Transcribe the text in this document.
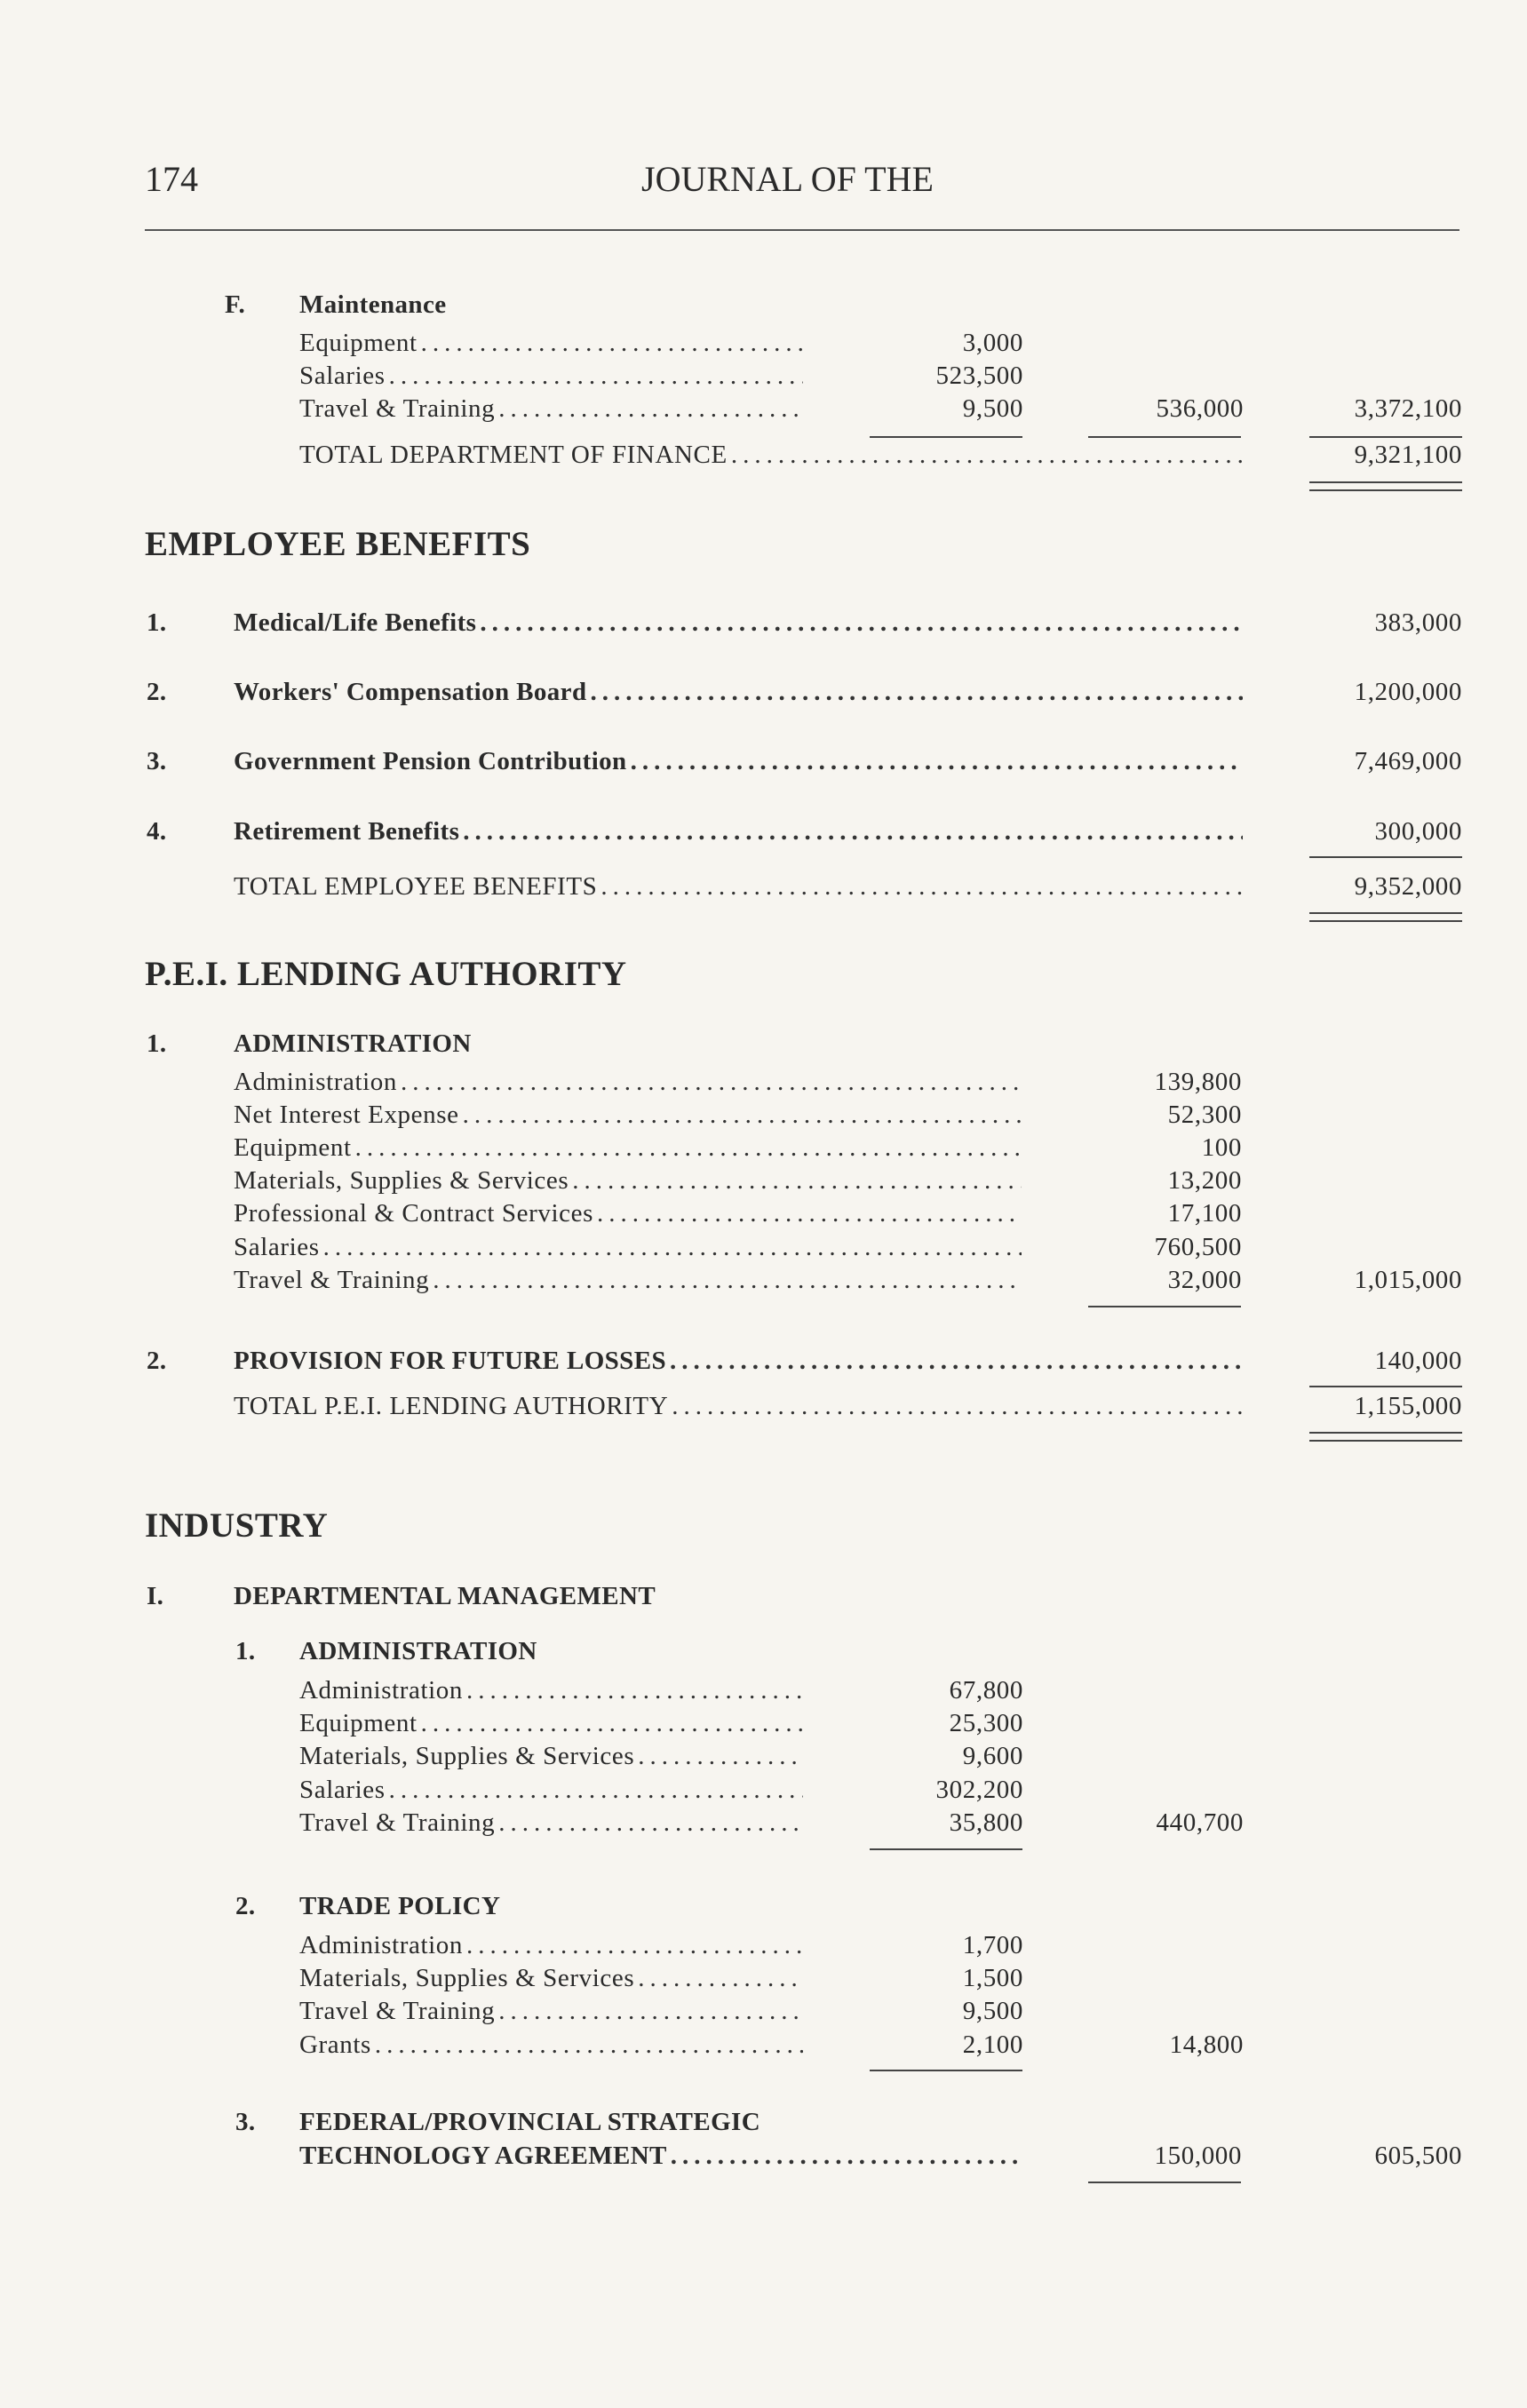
174	JOURNAL OF THE
F. Maintenance
Equipment .....	3,000
Salaries .....	523,500
Travel & Training .....	9,500	536,000	3,372,100
TOTAL DEPARTMENT OF FINANCE .....	9,321,100
EMPLOYEE BENEFITS
1.	Medical/Life Benefits .....	383,000
2.	Workers' Compensation Board .....	1,200,000
3.	Government Pension Contribution .....	7,469,000
4.	Retirement Benefits .....	300,000
TOTAL EMPLOYEE BENEFITS .....	9,352,000
P.E.I. LENDING AUTHORITY
1.	ADMINISTRATION
Administration .....	139,800
Net Interest Expense .....	52,300
Equipment .....	100
Materials, Supplies & Services .....	13,200
Professional & Contract Services .....	17,100
Salaries .....	760,500
Travel & Training .....	32,000	1,015,000
2.	PROVISION FOR FUTURE LOSSES .....	140,000
TOTAL P.E.I. LENDING AUTHORITY .....	1,155,000
INDUSTRY
I.	DEPARTMENTAL MANAGEMENT
1. ADMINISTRATION
Administration .....	67,800
Equipment .....	25,300
Materials, Supplies & Services .....	9,600
Salaries .....	302,200
Travel & Training .....	35,800	440,700
2. TRADE POLICY
Administration .....	1,700
Materials, Supplies & Services .....	1,500
Travel & Training .....	9,500
Grants .....	2,100	14,800
3. FEDERAL/PROVINCIAL STRATEGIC
TECHNOLOGY AGREEMENT .....	150,000	605,500
